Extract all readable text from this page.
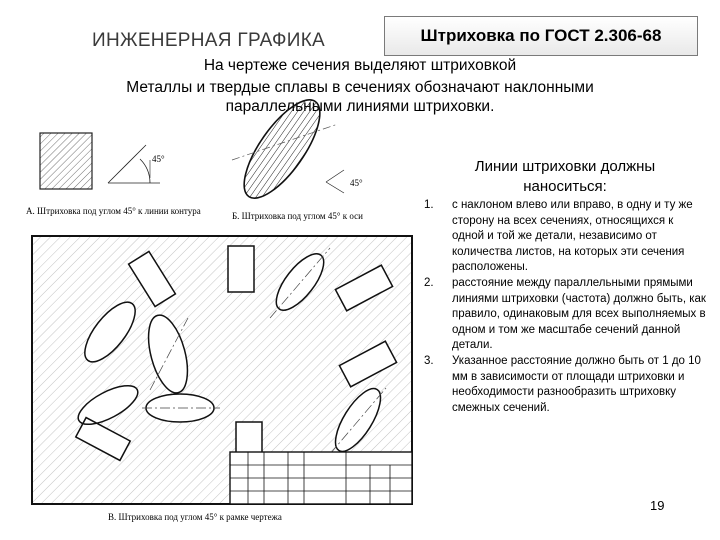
ИНЖЕНЕРНАЯ ГРАФИКА	Штриховка по ГОСТ 2.306-68
На чертеже сечения выделяют штриховкой
Металлы и твердые сплавы в сечениях обозначают наклонными
параллельными линиями штриховки.
45°
45°
А. Штриховка под углом 45° к линии контура	Б. Штриховка под углом 45° к оси
В. Штриховка под углом 45° к рамке чертежа
Линии штриховки должны наноситься:
1. с наклоном влево или вправо, в одну и ту же сторону на всех сечениях, относящихся к одной и той же детали, независимо от количества листов, на которых эти сечения расположены.
2. расстояние между параллельными прямыми линиями штриховки (частота) должно быть, как правило, одинаковым для всех выполняемых в одном и том же масштабе сечений данной детали.
3. Указанное расстояние должно быть от 1 до 10 мм в зависимости от площади штриховки и необходимости разнообразить штриховку смежных сечений.
19
